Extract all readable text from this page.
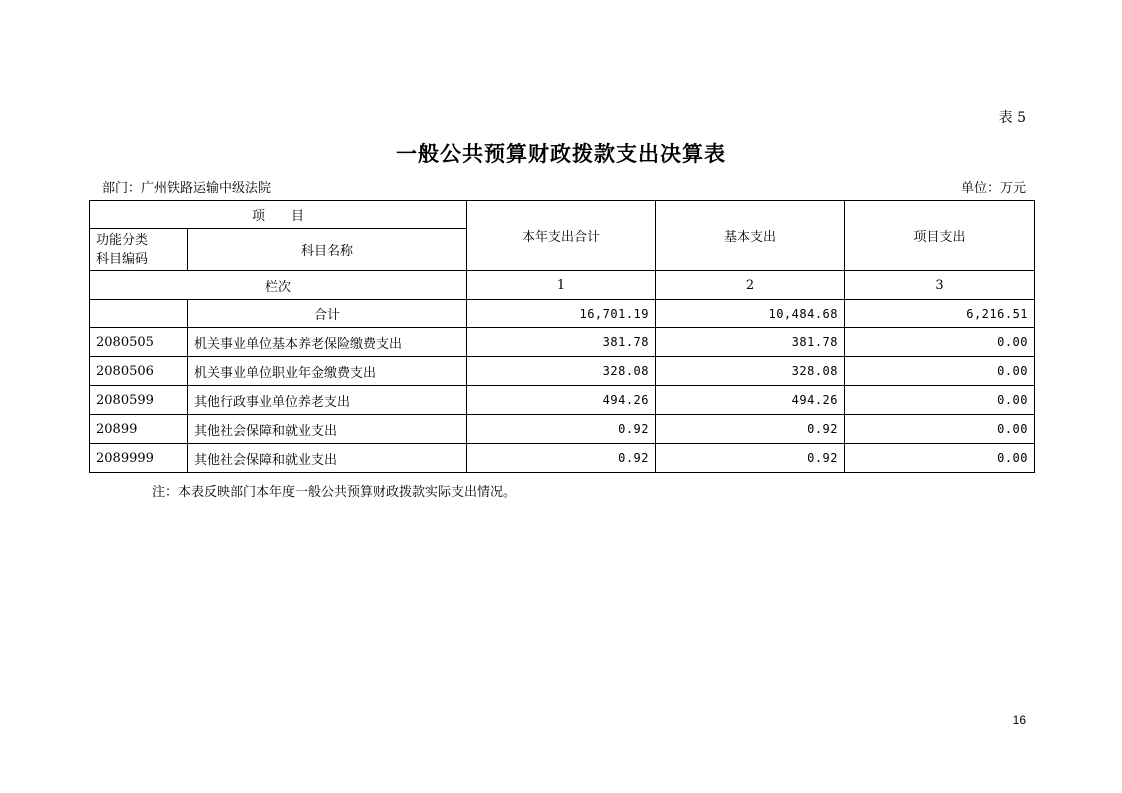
表 5
一般公共预算财政拨款支出决算表
部门：广州铁路运输中级法院	单位：万元
项　　目		本年支出合计	基本支出	项目支出

功能分类
科目编码	科目名称			
栏次		1	2	3
	合计	16,701.19	10,484.68	6,216.51
2080505	机关事业单位基本养老保险缴费支出	381.78	381.78	0.00
2080506	机关事业单位职业年金缴费支出	328.08	328.08	0.00
2080599	其他行政事业单位养老支出	494.26	494.26	0.00
20899	其他社会保障和就业支出	0.92	0.92	0.00
2089999	其他社会保障和就业支出	0.92	0.92	0.00
注：本表反映部门本年度一般公共预算财政拨款实际支出情况。
16
